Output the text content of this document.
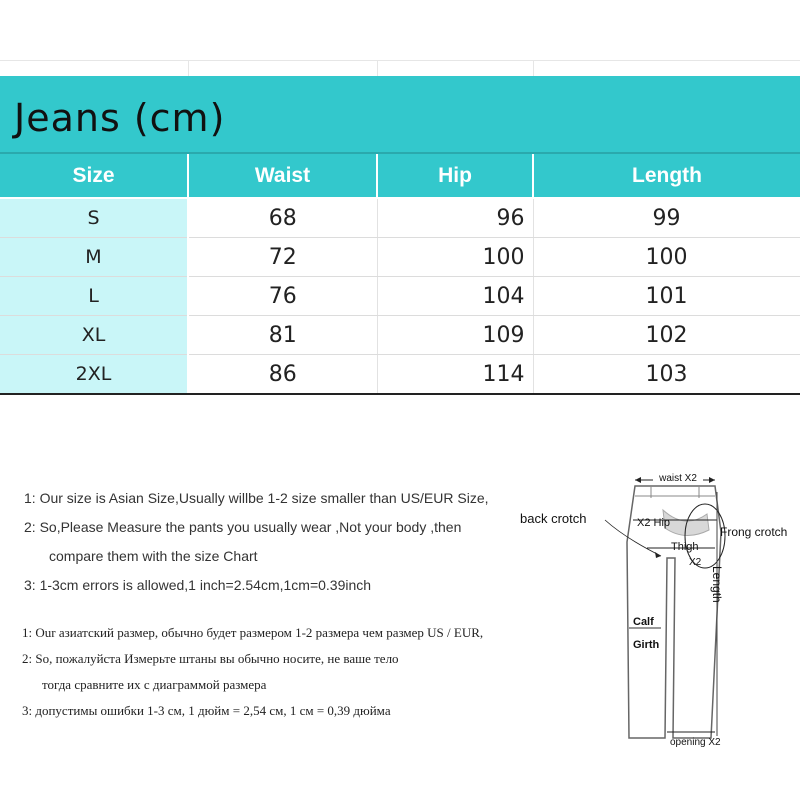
Jeans (cm)
Size	Waist	Hip	Length
S	68	96	99
M	72	100	100
L	76	104	101
XL	81	109	102
2XL	86	114	103
1: Our size is Asian Size,Usually willbe 1-2 size smaller than US/EUR Size,
2: So,Please Measure the pants you usually wear ,Not your body ,then
compare them with the size Chart
3: 1-3cm errors is allowed,1 inch=2.54cm,1cm=0.39inch
1: Our азиатский размер, обычно будет размером 1-2 размера чем размер US / EUR,
2: So, пожалуйста Измерьте штаны вы обычно носите, не ваше тело
тогда сравните их с диаграммой размера
3: допустимы ошибки 1-3 см, 1 дюйм = 2,54 см, 1 см = 0,39 дюйма
waist X2
X2 Hip
Thigh
X2
back crotch
Frong crotch
Length
Calf
Girth
opening X2
